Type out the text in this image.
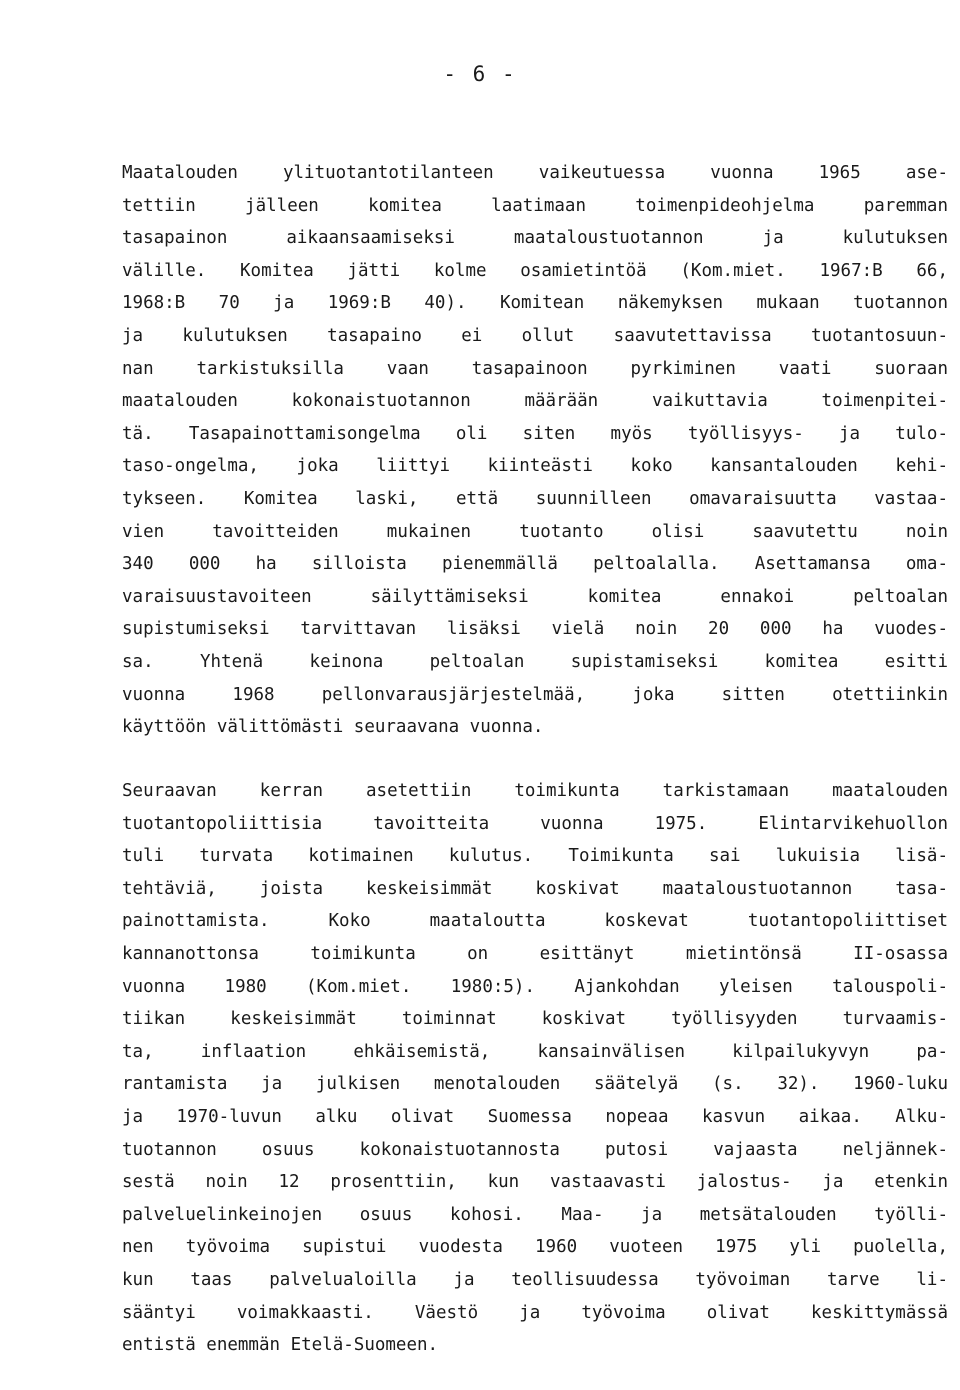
- 6 -
Maatalouden ylituotantotilanteen vaikeutuessa vuonna 1965 ase-
tettiin jälleen komitea laatimaan toimenpideohjelma paremman
tasapainon aikaansaamiseksi maataloustuotannon ja kulutuksen
välille. Komitea jätti kolme osamietintöä (Kom.miet. 1967:B 66,
1968:B 70 ja 1969:B 40). Komitean näkemyksen mukaan tuotannon
ja kulutuksen tasapaino ei ollut saavutettavissa tuotantosuun-
nan tarkistuksilla vaan tasapainoon pyrkiminen vaati suoraan
maatalouden kokonaistuotannon määrään vaikuttavia toimenpitei-
tä. Tasapainottamisongelma oli siten myös työllisyys- ja tulo-
taso-ongelma, joka liittyi kiinteästi koko kansantalouden kehi-
tykseen. Komitea laski, että suunnilleen omavaraisuutta vastaa-
vien tavoitteiden mukainen tuotanto olisi saavutettu noin
340 000 ha silloista pienemmällä peltoalalla. Asettamansa oma-
varaisuustavoiteen säilyttämiseksi komitea ennakoi peltoalan
supistumiseksi tarvittavan lisäksi vielä noin 20 000 ha vuodes-
sa. Yhtenä keinona peltoalan supistamiseksi komitea esitti
vuonna 1968 pellonvarausjärjestelmää, joka sitten otettiinkin
käyttöön välittömästi seuraavana vuonna.
Seuraavan kerran asetettiin toimikunta tarkistamaan maatalouden
tuotantopoliittisia tavoitteita vuonna 1975. Elintarvikehuollon
tuli turvata kotimainen kulutus. Toimikunta sai lukuisia lisä-
tehtäviä, joista keskeisimmät koskivat maataloustuotannon tasa-
painottamista. Koko maataloutta koskevat tuotantopoliittiset
kannanottonsa toimikunta on esittänyt mietintönsä II-osassa
vuonna 1980 (Kom.miet. 1980:5). Ajankohdan yleisen talouspoli-
tiikan keskeisimmät toiminnat koskivat työllisyyden turvaamis-
ta, inflaation ehkäisemistä, kansainvälisen kilpailukyvyn pa-
rantamista ja julkisen menotalouden säätelyä (s. 32). 1960-luku
ja 1970-luvun alku olivat Suomessa nopeaa kasvun aikaa. Alku-
tuotannon osuus kokonaistuotannosta putosi vajaasta neljännek-
sestä noin 12 prosenttiin, kun vastaavasti jalostus- ja etenkin
palveluelinkeinojen osuus kohosi. Maa- ja metsätalouden työlli-
nen työvoima supistui vuodesta 1960 vuoteen 1975 yli puolella,
kun taas palvelualoilla ja teollisuudessa työvoiman tarve li-
sääntyi voimakkaasti. Väestö ja työvoima olivat keskittymässä
entistä enemmän Etelä-Suomeen.
